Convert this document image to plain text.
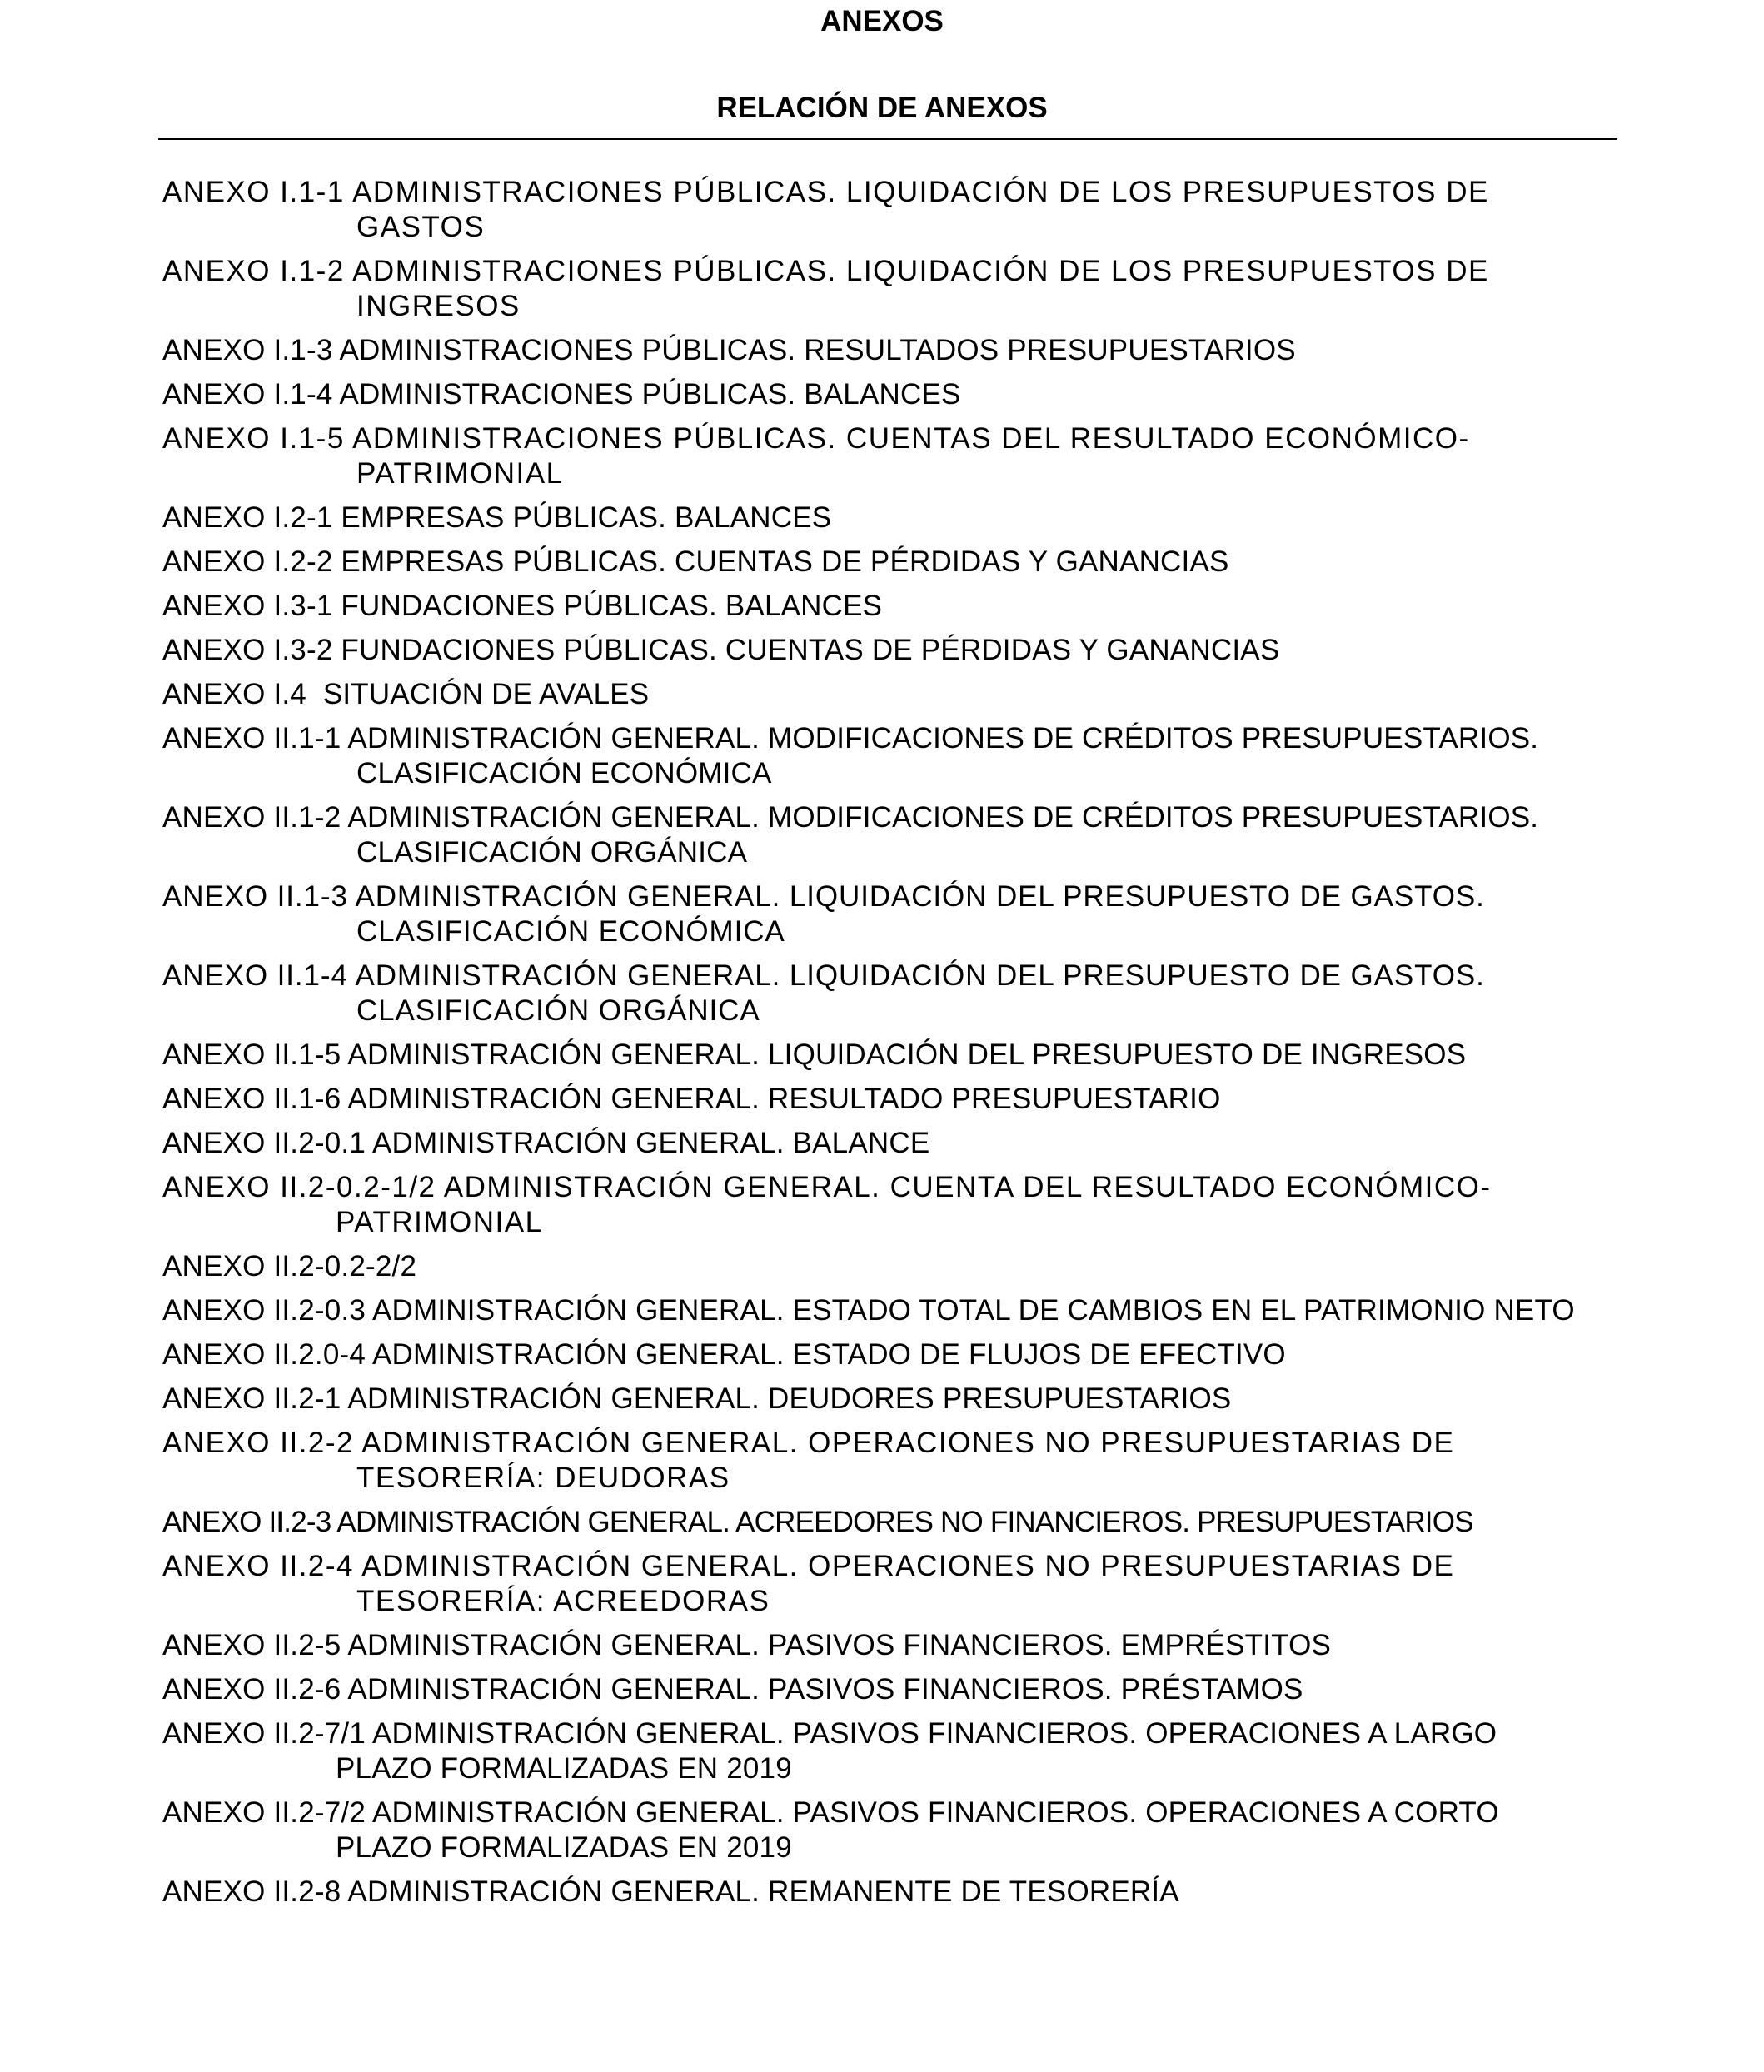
ANEXOS
RELACIÓN DE ANEXOS
ANEXO I.1-1 ADMINISTRACIONES PÚBLICAS. LIQUIDACIÓN DE LOS PRESUPUESTOS DE GASTOS
ANEXO I.1-2 ADMINISTRACIONES PÚBLICAS. LIQUIDACIÓN DE LOS PRESUPUESTOS DE INGRESOS
ANEXO I.1-3 ADMINISTRACIONES PÚBLICAS. RESULTADOS PRESUPUESTARIOS
ANEXO I.1-4 ADMINISTRACIONES PÚBLICAS. BALANCES
ANEXO I.1-5 ADMINISTRACIONES PÚBLICAS. CUENTAS DEL RESULTADO ECONÓMICO-PATRIMONIAL
ANEXO I.2-1 EMPRESAS PÚBLICAS. BALANCES
ANEXO I.2-2 EMPRESAS PÚBLICAS. CUENTAS DE PÉRDIDAS Y GANANCIAS
ANEXO I.3-1 FUNDACIONES PÚBLICAS. BALANCES
ANEXO I.3-2 FUNDACIONES PÚBLICAS. CUENTAS DE PÉRDIDAS Y GANANCIAS
ANEXO I.4  SITUACIÓN DE AVALES
ANEXO II.1-1 ADMINISTRACIÓN GENERAL. MODIFICACIONES DE CRÉDITOS PRESUPUESTARIOS. CLASIFICACIÓN ECONÓMICA
ANEXO II.1-2 ADMINISTRACIÓN GENERAL. MODIFICACIONES DE CRÉDITOS PRESUPUESTARIOS. CLASIFICACIÓN ORGÁNICA
ANEXO II.1-3 ADMINISTRACIÓN GENERAL. LIQUIDACIÓN DEL PRESUPUESTO DE GASTOS. CLASIFICACIÓN ECONÓMICA
ANEXO II.1-4 ADMINISTRACIÓN GENERAL. LIQUIDACIÓN DEL PRESUPUESTO DE GASTOS. CLASIFICACIÓN ORGÁNICA
ANEXO II.1-5 ADMINISTRACIÓN GENERAL. LIQUIDACIÓN DEL PRESUPUESTO DE INGRESOS
ANEXO II.1-6 ADMINISTRACIÓN GENERAL. RESULTADO PRESUPUESTARIO
ANEXO II.2-0.1 ADMINISTRACIÓN GENERAL. BALANCE
ANEXO II.2-0.2-1/2 ADMINISTRACIÓN GENERAL. CUENTA DEL RESULTADO ECONÓMICO-PATRIMONIAL
ANEXO II.2-0.2-2/2
ANEXO II.2-0.3 ADMINISTRACIÓN GENERAL. ESTADO TOTAL DE CAMBIOS EN EL PATRIMONIO NETO
ANEXO II.2.0-4 ADMINISTRACIÓN GENERAL. ESTADO DE FLUJOS DE EFECTIVO
ANEXO II.2-1 ADMINISTRACIÓN GENERAL. DEUDORES PRESUPUESTARIOS
ANEXO II.2-2 ADMINISTRACIÓN GENERAL. OPERACIONES NO PRESUPUESTARIAS DE TESORERÍA: DEUDORAS
ANEXO II.2-3 ADMINISTRACIÓN GENERAL. ACREEDORES NO FINANCIEROS. PRESUPUESTARIOS
ANEXO II.2-4 ADMINISTRACIÓN GENERAL. OPERACIONES NO PRESUPUESTARIAS DE TESORERÍA: ACREEDORAS
ANEXO II.2-5 ADMINISTRACIÓN GENERAL. PASIVOS FINANCIEROS. EMPRÉSTITOS
ANEXO II.2-6 ADMINISTRACIÓN GENERAL. PASIVOS FINANCIEROS. PRÉSTAMOS
ANEXO II.2-7/1 ADMINISTRACIÓN GENERAL. PASIVOS FINANCIEROS. OPERACIONES A LARGO PLAZO FORMALIZADAS EN 2019
ANEXO II.2-7/2 ADMINISTRACIÓN GENERAL. PASIVOS FINANCIEROS. OPERACIONES A CORTO PLAZO FORMALIZADAS EN 2019
ANEXO II.2-8 ADMINISTRACIÓN GENERAL. REMANENTE DE TESORERÍA
